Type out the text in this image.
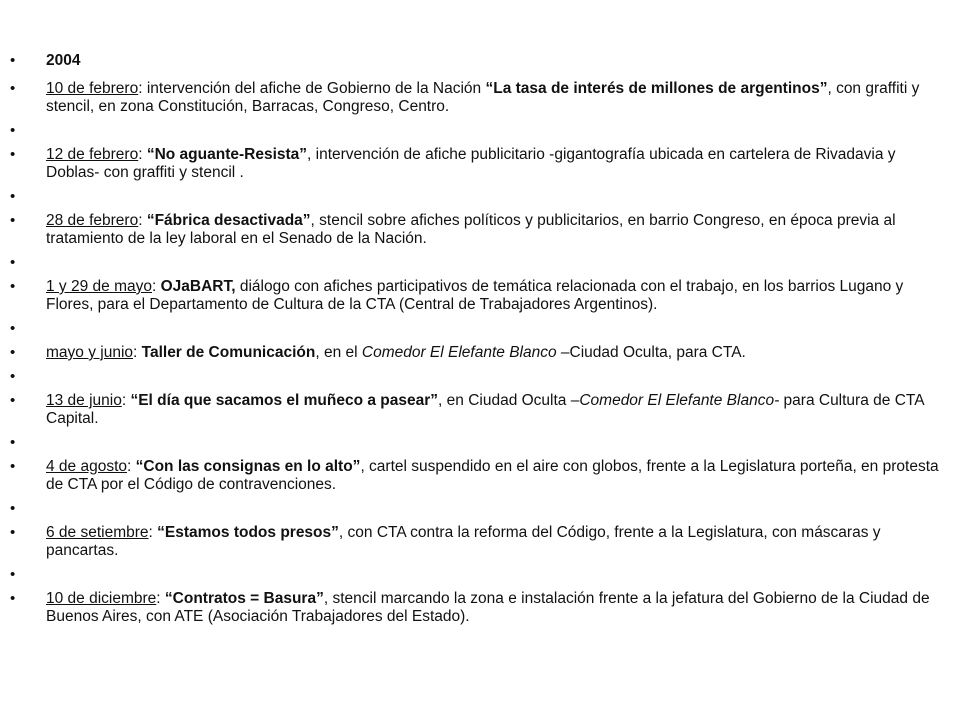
• 2004
• 10 de febrero: intervención del afiche de Gobierno de la Nación “La tasa de interés de millones de argentinos”, con graffiti y stencil, en zona Constitución, Barracas, Congreso, Centro.
•
• 12 de febrero: “No aguante-Resista”, intervención de afiche publicitario -gigantografía ubicada en cartelera de Rivadavia y Doblas- con graffiti y stencil .
•
• 28 de febrero: “Fábrica desactivada”, stencil sobre afiches políticos y publicitarios, en barrio Congreso, en época previa al tratamiento de la ley laboral en el Senado de la Nación.
•
• 1 y 29 de mayo: OJaBART, diálogo con afiches participativos de temática relacionada con el trabajo, en los barrios Lugano y Flores, para el Departamento de Cultura de la CTA (Central de Trabajadores Argentinos).
•
• mayo y junio: Taller de Comunicación, en el Comedor El Elefante Blanco –Ciudad Oculta, para CTA.
•
• 13 de junio: “El día que sacamos el muñeco a pasear”, en Ciudad Oculta –Comedor El Elefante Blanco- para Cultura de CTA Capital.
•
• 4 de agosto: “Con las consignas en lo alto”, cartel suspendido en el aire con globos, frente a la Legislatura porteña, en protesta de CTA por el Código de contravenciones.
•
• 6 de setiembre: “Estamos todos presos”, con CTA contra la reforma del Código, frente a la Legislatura, con máscaras y pancartas.
•
• 10 de diciembre: “Contratos = Basura”, stencil marcando la zona e instalación frente a la jefatura del Gobierno de la Ciudad de Buenos Aires, con ATE (Asociación Trabajadores del Estado).
